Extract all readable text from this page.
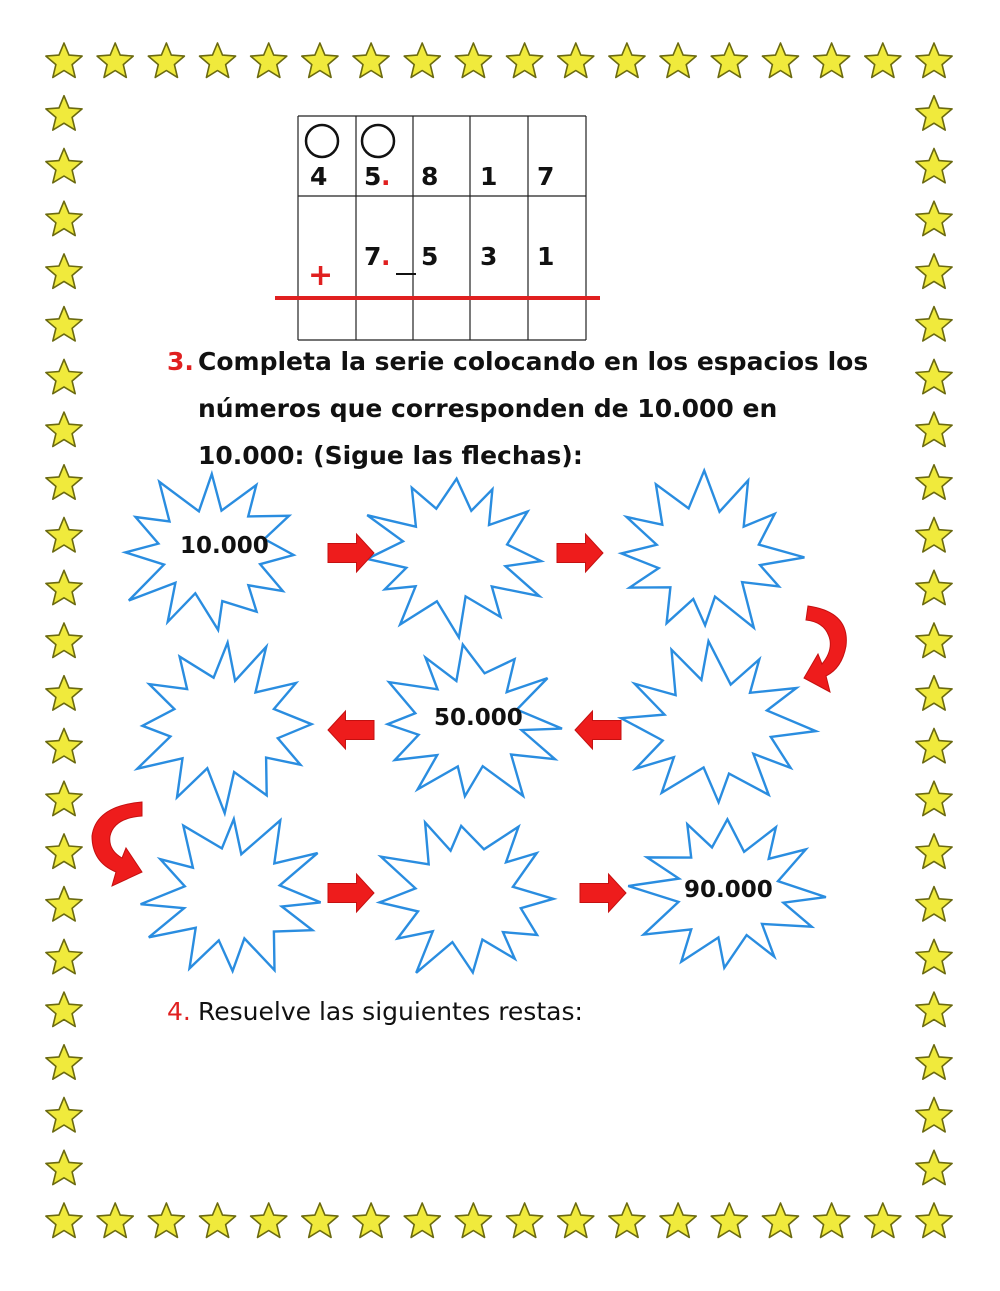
4 5 . 8 1 7
+
7 . 5 3 1
3. Completa la serie colocando en los espacios los
números que corresponden de 10.000 en
10.000: (Sigue las flechas):
10.000
50.000
90.000
4. Resuelve las siguientes restas:
